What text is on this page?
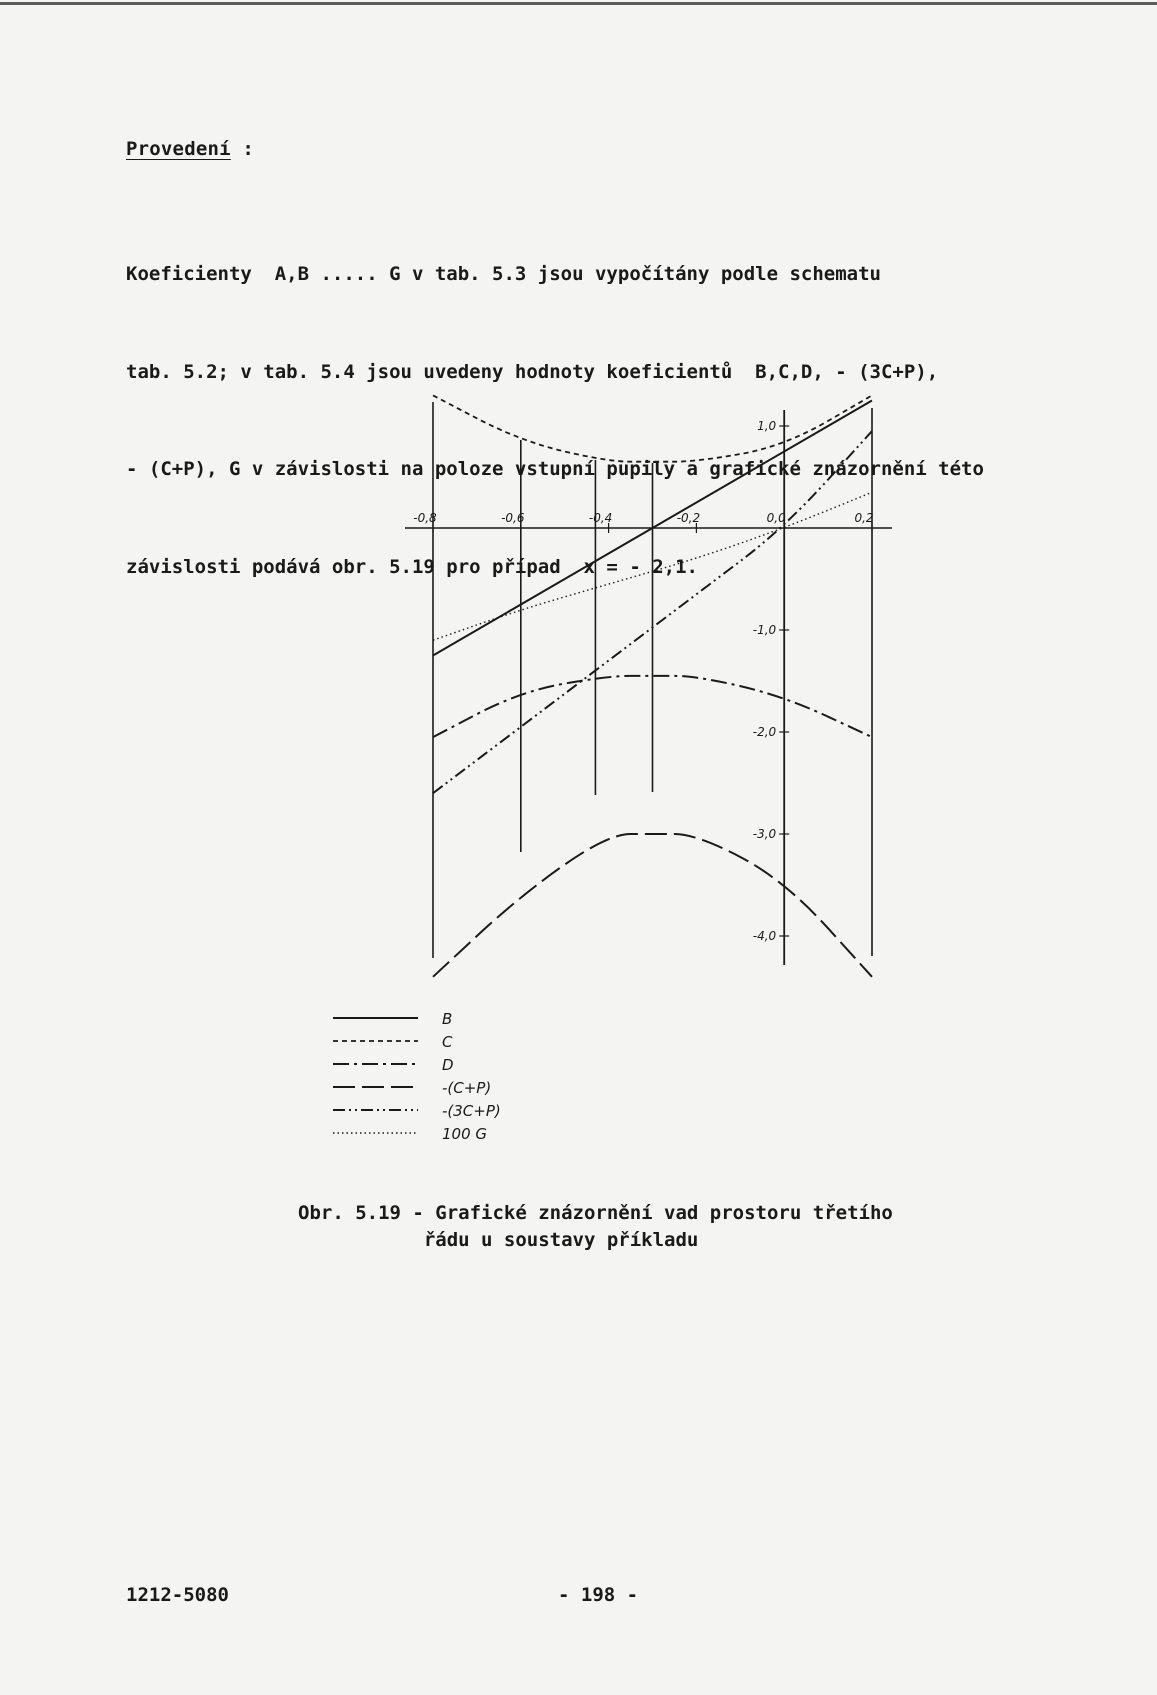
Provedení :

Koeficienty  A,B ..... G v tab. 5.3 jsou vypočítány podle schematu

tab. 5.2; v tab. 5.4 jsou uvedeny hodnoty koeficientů  B,C,D, - (3C+P),

- (C+P), G v závislosti na poloze vstupní pupily a grafické znázornění této

závislosti podává obr. 5.19 pro případ  x = - 2,1.

-0,8	-0,6	-0,4	-0,2	0,0	0,2
1,0
-1,0
-2,0
-3,0
-4,0
B
C
D
-(C+P)
-(3C+P)
100 G
Obr. 5.19 - Grafické znázornění vad prostoru třetího
řádu u soustavy příkladu
1212-5080	- 198 -
